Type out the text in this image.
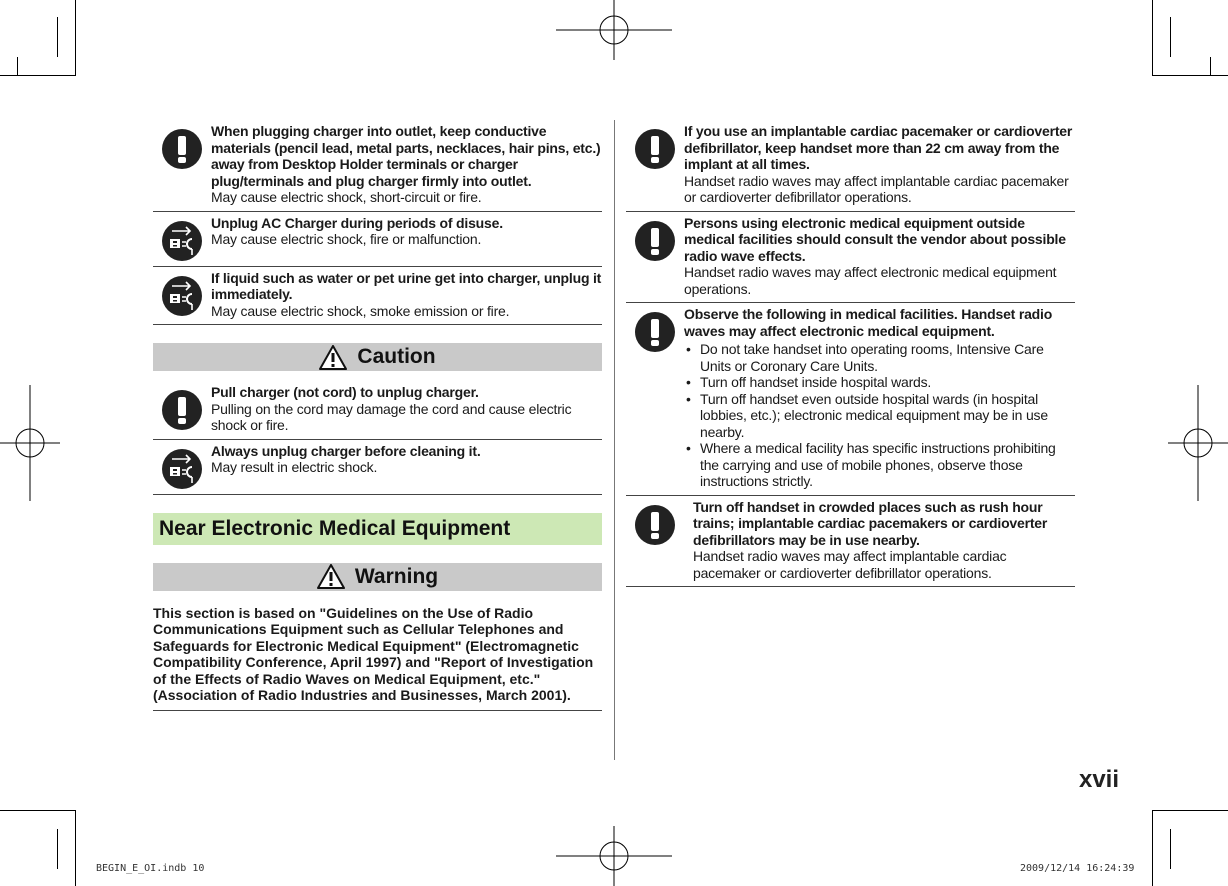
When plugging charger into outlet, keep conductive materials (pencil lead, metal parts, necklaces, hair pins, etc.) away from Desktop Holder terminals or charger plug/terminals and plug charger firmly into outlet.
May cause electric shock, short-circuit or fire.
Unplug AC Charger during periods of disuse.
May cause electric shock, fire or malfunction.
If liquid such as water or pet urine get into charger, unplug it immediately.
May cause electric shock, smoke emission or fire.
Caution
Pull charger (not cord) to unplug charger.
Pulling on the cord may damage the cord and cause electric shock or fire.
Always unplug charger before cleaning it.
May result in electric shock.
Near Electronic Medical Equipment
Warning
This section is based on "Guidelines on the Use of Radio Communications Equipment such as Cellular Telephones and Safeguards for Electronic Medical Equipment" (Electromagnetic Compatibility Conference, April 1997) and "Report of Investigation of the Effects of Radio Waves on Medical Equipment, etc." (Association of Radio Industries and Businesses, March 2001).
If you use an implantable cardiac pacemaker or cardioverter defibrillator, keep handset more than 22 cm away from the implant at all times.
Handset radio waves may affect implantable cardiac pacemaker or cardioverter defibrillator operations.
Persons using electronic medical equipment outside medical facilities should consult the vendor about possible radio wave effects.
Handset radio waves may affect electronic medical equipment operations.
Observe the following in medical facilities. Handset radio waves may affect electronic medical equipment.
• Do not take handset into operating rooms, Intensive Care Units or Coronary Care Units.
• Turn off handset inside hospital wards.
• Turn off handset even outside hospital wards (in hospital lobbies, etc.); electronic medical equipment may be in use nearby.
• Where a medical facility has specific instructions prohibiting the carrying and use of mobile phones, observe those instructions strictly.
Turn off handset in crowded places such as rush hour trains; implantable cardiac pacemakers or cardioverter defibrillators may be in use nearby.
Handset radio waves may affect implantable cardiac pacemaker or cardioverter defibrillator operations.
xvii
BEGIN_E_OI.indb 10	2009/12/14 16:24:39
